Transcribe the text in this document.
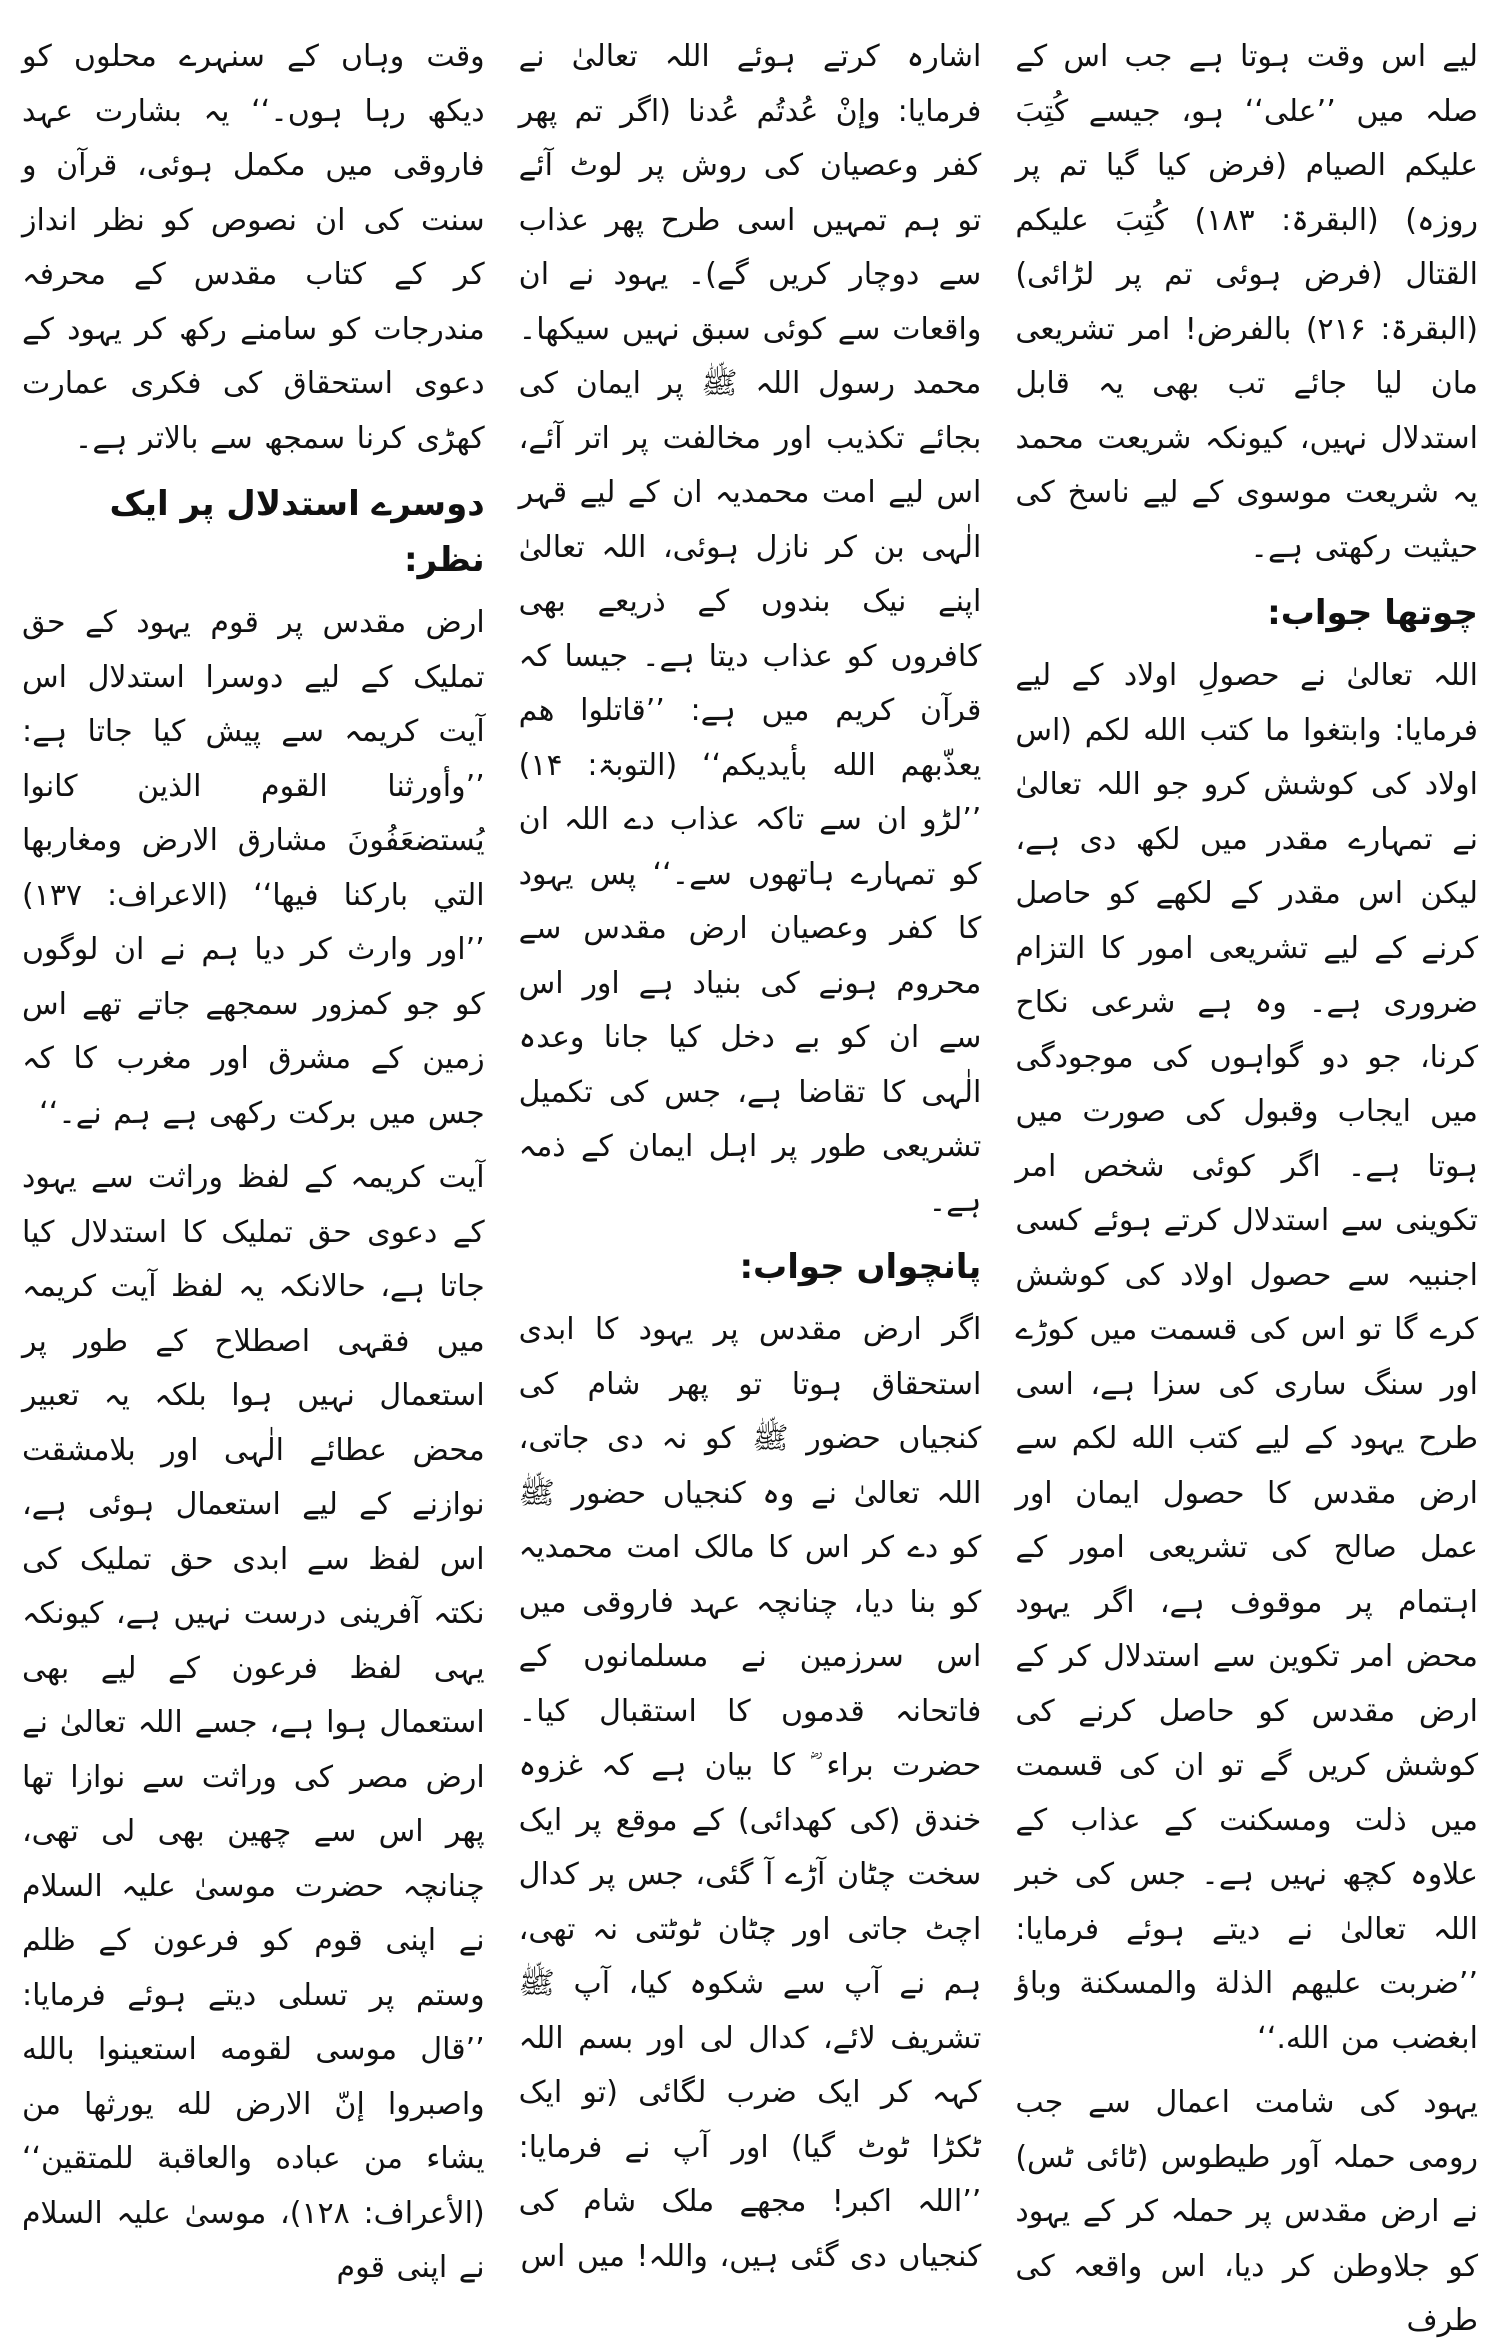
لیے اس وقت ہوتا ہے جب اس کے صلہ میں ’’علی‘‘ ہو، جیسے كُتِبَ علیكم الصیام (فرض کیا گیا تم پر روزہ) (البقرۃ: ۱۸۳) كُتِبَ علیكم القتال (فرض ہوئی تم پر لڑائی) (البقرۃ: ۲۱۶) بالفرض! امر تشریعی مان لیا جائے تب بھی یہ قابل استدلال نہیں، کیونکہ شریعت محمد یہ شریعت موسوی کے لیے ناسخ کی حیثیت رکھتی ہے۔

چوتھا جواب:

اللہ تعالیٰ نے حصولِ اولاد کے لیے فرمایا: وابتغوا ما كتب الله لكم (اس اولاد کی کوشش کرو جو اللہ تعالیٰ نے تمہارے مقدر میں لکھ دی ہے، لیکن اس مقدر کے لکھے کو حاصل کرنے کے لیے تشریعی امور کا التزام ضروری ہے۔ وہ ہے شرعی نکاح کرنا، جو دو گواہوں کی موجودگی میں ایجاب وقبول کی صورت میں ہوتا ہے۔ اگر کوئی شخص امر تکوینی سے استدلال کرتے ہوئے کسی اجنبیہ سے حصول اولاد کی کوشش کرے گا تو اس کی قسمت میں کوڑے اور سنگ ساری کی سزا ہے، اسی طرح یہود کے لیے کتب الله لكم سے ارض مقدس کا حصول ایمان اور عمل صالح کی تشریعی امور کے اہتمام پر موقوف ہے، اگر یہود محض امر تکوین سے استدلال کر کے ارض مقدس کو حاصل کرنے کی کوشش کریں گے تو ان کی قسمت میں ذلت ومسکنت کے عذاب کے علاوہ کچھ نہیں ہے۔ جس کی خبر اللہ تعالیٰ نے دیتے ہوئے فرمایا: ’’ضربت علیهم الذلة والمسكنة وباؤ ابغضب من الله.‘‘

یہود کی شامت اعمال سے جب رومی حملہ آور طیطوس (ٹائی ٹس) نے ارض مقدس پر حملہ کر کے یہود کو جلاوطن کر دیا، اس واقعہ کی طرف

اشارہ کرتے ہوئے اللہ تعالیٰ نے فرمایا: وإنْ عُدتُم عُدنا (اگر تم پھر کفر وعصیان کی روش پر لوٹ آئے تو ہم تمہیں اسی طرح پھر عذاب سے دوچار کریں گے)۔ یہود نے ان واقعات سے کوئی سبق نہیں سیکھا۔ محمد رسول اللہ ﷺ پر ایمان کی بجائے تکذیب اور مخالفت پر اتر آئے، اس لیے امت محمدیہ ان کے لیے قہر الٰہی بن کر نازل ہوئی، اللہ تعالیٰ اپنے نیک بندوں کے ذریعے بھی کافروں کو عذاب دیتا ہے۔ جیسا کہ قرآن کریم میں ہے: ’’قاتلوا هم يعذّبهم الله بأيديكم‘‘ (التوبۃ: ۱۴) ’’لڑو ان سے تاکہ عذاب دے اللہ ان کو تمہارے ہاتھوں سے۔‘‘ پس یہود کا کفر وعصیان ارض مقدس سے محروم ہونے کی بنیاد ہے اور اس سے ان کو بے دخل کیا جانا وعدہ الٰہی کا تقاضا ہے، جس کی تکمیل تشریعی طور پر اہل ایمان کے ذمہ ہے۔

پانچواں جواب:

اگر ارض مقدس پر یہود کا ابدی استحقاق ہوتا تو پھر شام کی کنجیاں حضور ﷺ کو نہ دی جاتی، اللہ تعالیٰ نے وہ کنجیاں حضور ﷺ کو دے کر اس کا مالک امت محمدیہ کو بنا دیا، چنانچہ عہد فاروقی میں اس سرزمین نے مسلمانوں کے فاتحانہ قدموں کا استقبال کیا۔ حضرت براء ؓ کا بیان ہے کہ غزوہ خندق (کی کھدائی) کے موقع پر ایک سخت چٹان آڑے آ گئی، جس پر کدال اچٹ جاتی اور چٹان ٹوٹتی نہ تھی، ہم نے آپ سے شکوہ کیا، آپ ﷺ تشریف لائے، کدال لی اور بسم اللہ کہہ کر ایک ضرب لگائی (تو ایک ٹکڑا ٹوٹ گیا) اور آپ نے فرمایا: ’’اللہ اکبر! مجھے ملک شام کی کنجیاں دی گئی ہیں، واللہ! میں اس

وقت وہاں کے سنہرے محلوں کو دیکھ رہا ہوں۔‘‘ یہ بشارت عہد فاروقی میں مکمل ہوئی، قرآن و سنت کی ان نصوص کو نظر انداز کر کے کتاب مقدس کے محرفہ مندرجات کو سامنے رکھ کر یہود کے دعوی استحقاق کی فکری عمارت کھڑی کرنا سمجھ سے بالاتر ہے۔

دوسرے استدلال پر ایک نظر:

ارض مقدس پر قوم یہود کے حق تملیک کے لیے دوسرا استدلال اس آیت کریمہ سے پیش کیا جاتا ہے: ’’وأورثنا القوم الذين كانوا يُستضعَفُونَ مشارق الارض ومغاربها التي باركنا فيها‘‘ (الاعراف: ۱۳۷) ’’اور وارث کر دیا ہم نے ان لوگوں کو جو کمزور سمجھے جاتے تھے اس زمین کے مشرق اور مغرب کا کہ جس میں برکت رکھی ہے ہم نے۔‘‘

آیت کریمہ کے لفظ وراثت سے یہود کے دعوی حق تملیک کا استدلال کیا جاتا ہے، حالانکہ یہ لفظ آیت کریمہ میں فقہی اصطلاح کے طور پر استعمال نہیں ہوا بلکہ یہ تعبیر محض عطائے الٰہی اور بلامشقت نوازنے کے لیے استعمال ہوئی ہے، اس لفظ سے ابدی حق تملیک کی نکتہ آفرینی درست نہیں ہے، کیونکہ یہی لفظ فرعون کے لیے بھی استعمال ہوا ہے، جسے اللہ تعالیٰ نے ارض مصر کی وراثت سے نوازا تھا پھر اس سے چھین بھی لی تھی، چنانچہ حضرت موسیٰ علیہ السلام نے اپنی قوم کو فرعون کے ظلم وستم پر تسلی دیتے ہوئے فرمایا: ’’قال موسى لقومه استعينوا بالله واصبروا إنّ الارض لله يورثها من يشاء من عباده والعاقبة للمتقين‘‘ (الأعراف: ۱۲۸)، موسیٰ علیہ السلام نے اپنی قوم
